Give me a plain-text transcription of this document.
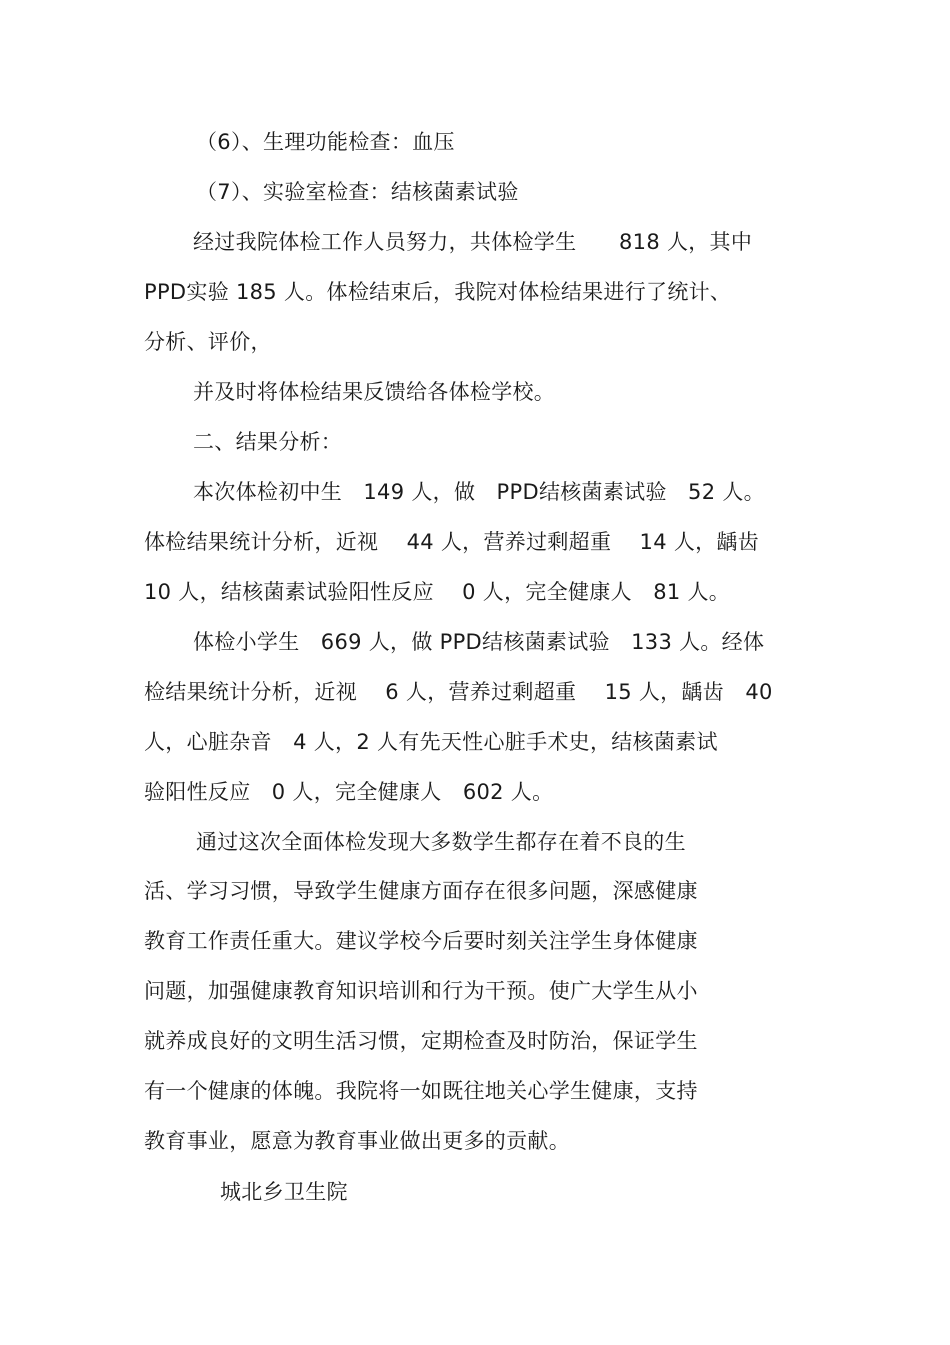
（6）、生理功能检查：血压
（7）、实验室检查：结核菌素试验
经过我院体检工作人员努力，共体检学生　　818 人，其中
PPD实验 185 人。体检结束后，我院对体检结果进行了统计、
分析、评价，
并及时将体检结果反馈给各体检学校。
二、结果分析：
本次体检初中生　149 人，做　PPD结核菌素试验　52 人。
体检结果统计分析，近视　 44 人，营养过剩超重　 14 人，龋齿
10 人，结核菌素试验阳性反应　 0 人，完全健康人　81 人。
体检小学生　669 人，做 PPD结核菌素试验　133 人。经体
检结果统计分析，近视　 6 人，营养过剩超重　 15 人，龋齿　40
人，心脏杂音　4 人，2 人有先天性心脏手术史，结核菌素试
验阳性反应　0 人，完全健康人　602 人。
通过这次全面体检发现大多数学生都存在着不良的生
活、学习习惯，导致学生健康方面存在很多问题，深感健康
教育工作责任重大。建议学校今后要时刻关注学生身体健康
问题，加强健康教育知识培训和行为干预。使广大学生从小
就养成良好的文明生活习惯，定期检查及时防治，保证学生
有一个健康的体魄。我院将一如既往地关心学生健康，支持
教育事业，愿意为教育事业做出更多的贡献。
城北乡卫生院
